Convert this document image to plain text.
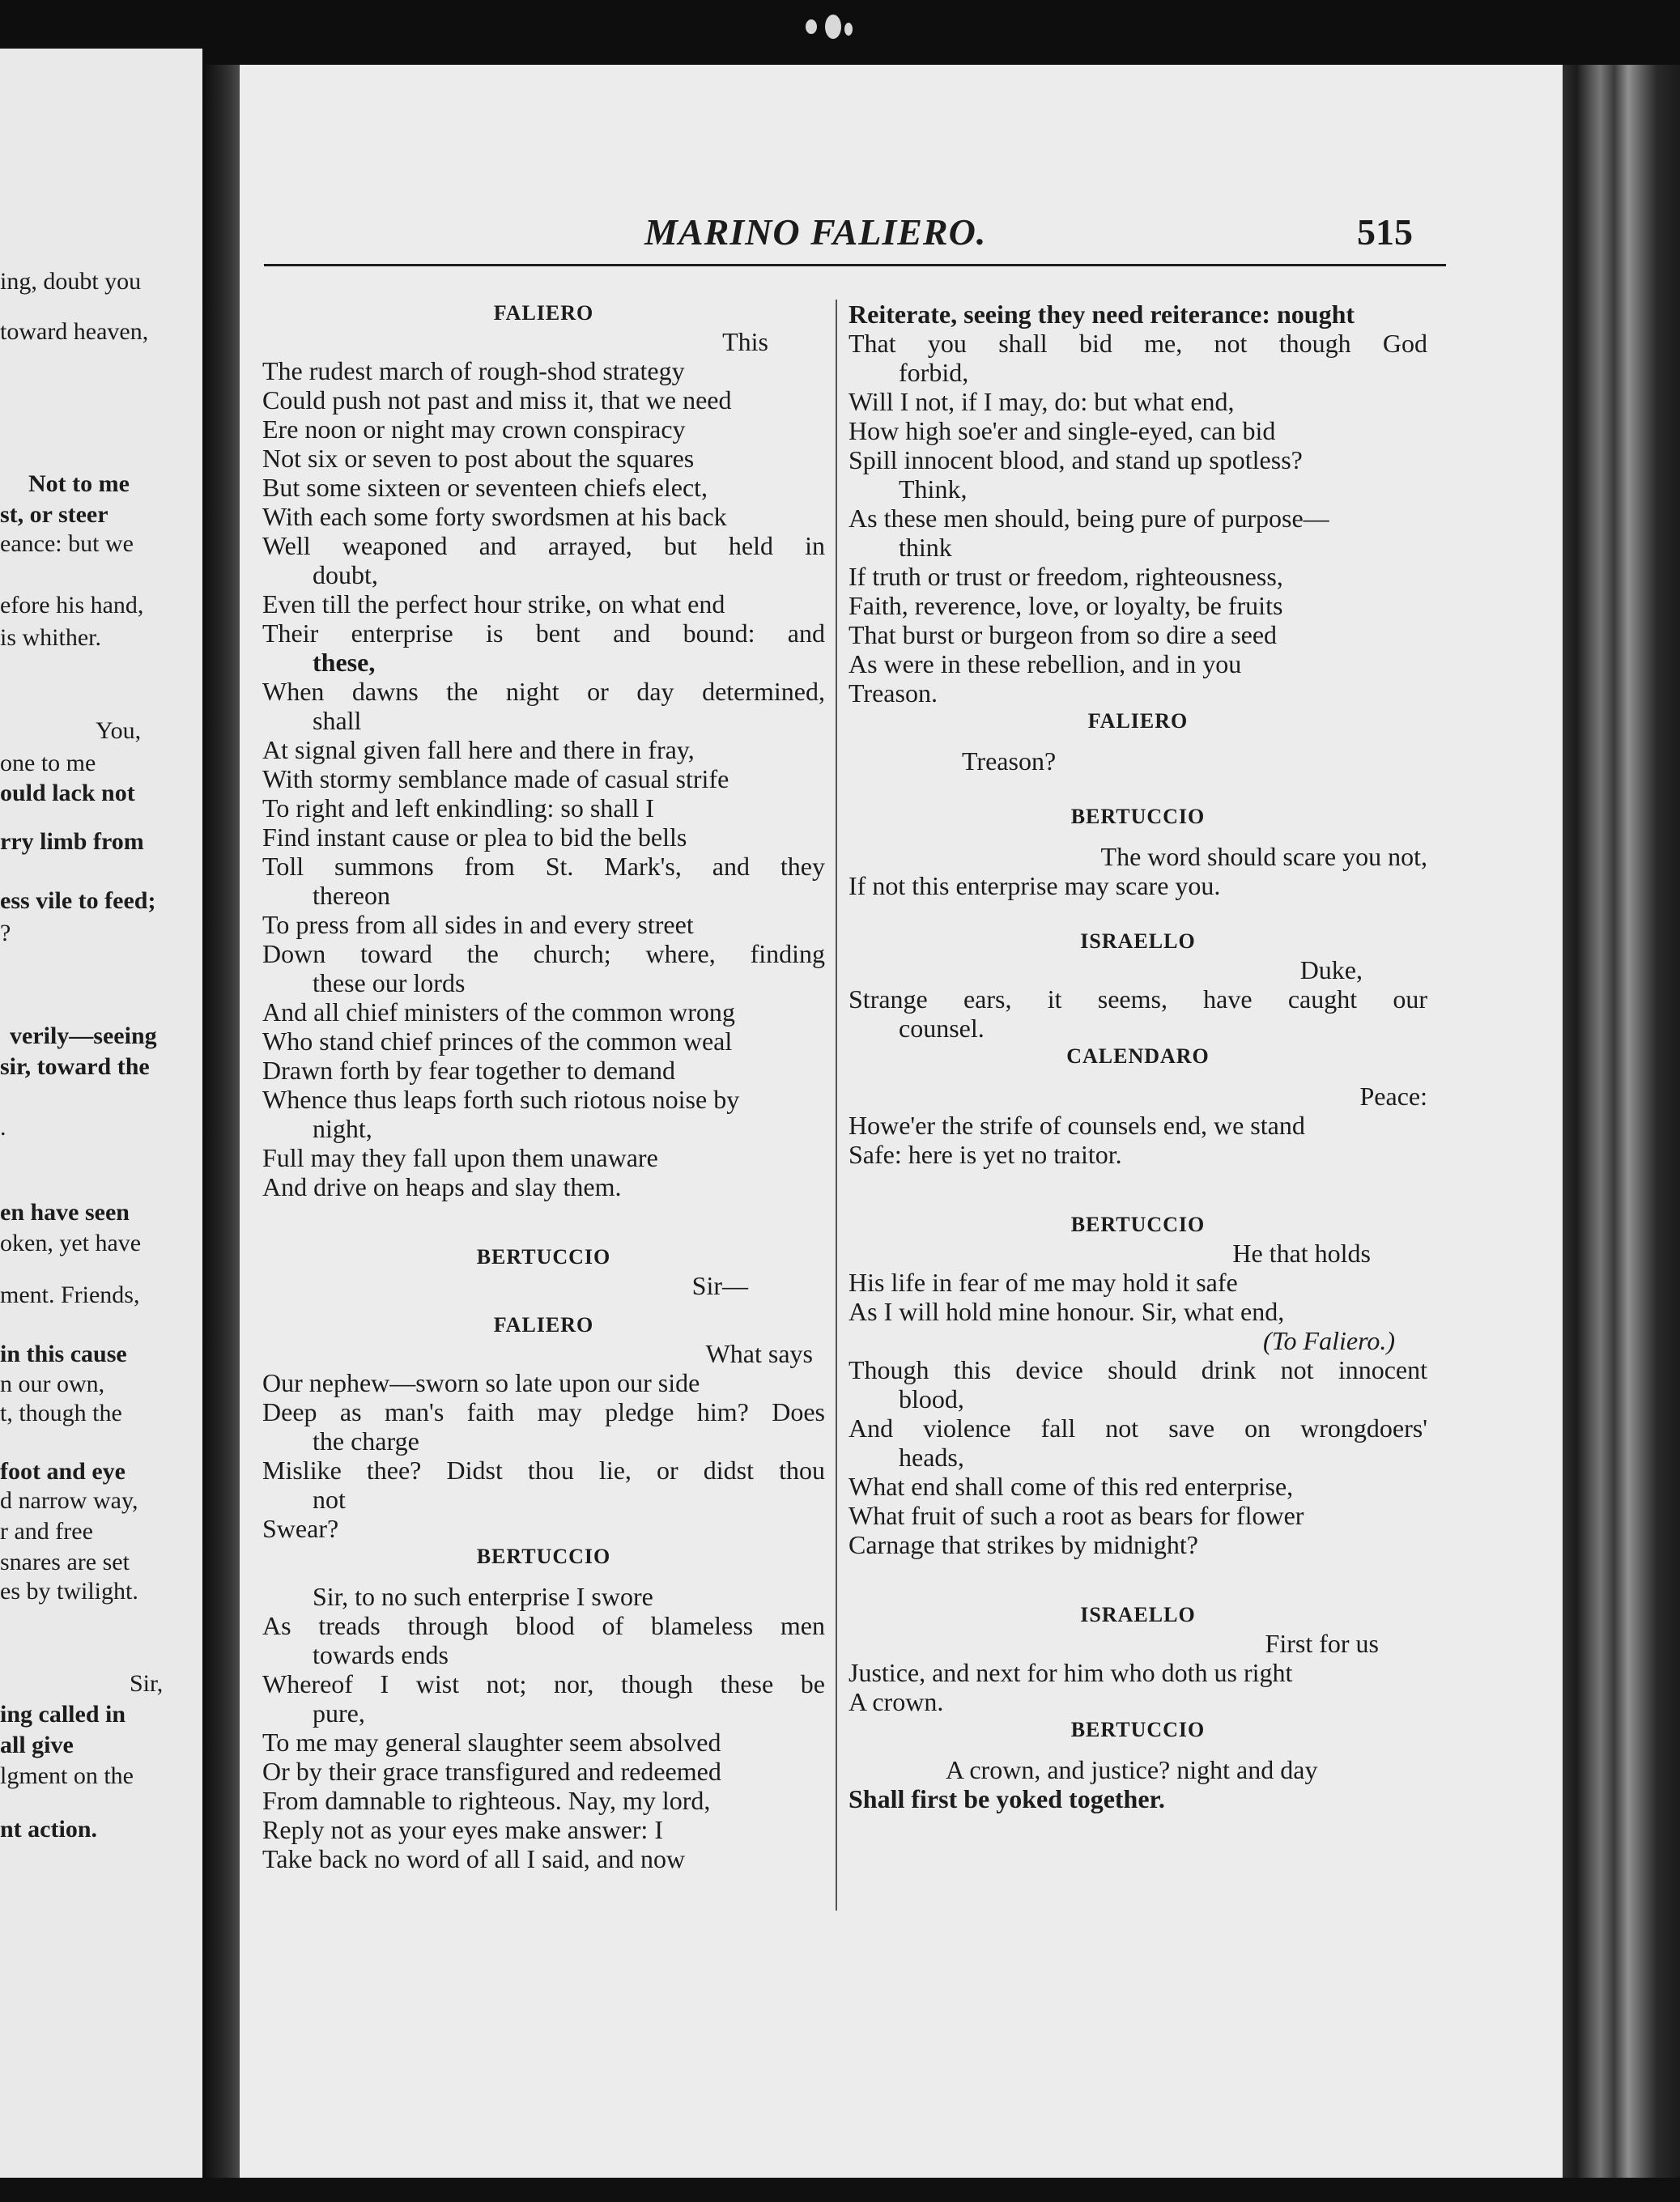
ing, doubt you
toward heaven,
Not to me
st, or steer
eance: but we
efore his hand,
is whither.
You,
one to me
ould lack not
rry limb from
ess vile to feed;
?
verily—seeing
sir, toward the
.
en have seen
oken, yet have
ment. Friends,
in this cause
n our own,
t, though the
foot and eye
d narrow way,
r and free
snares are set
es by twilight.
Sir,
ing called in
all give
lgment on the
nt action.
MARINO FALIERO.	515
FALIERO
This
The rudest march of rough-shod strategy
Could push not past and miss it, that we need
Ere noon or night may crown conspiracy
Not six or seven to post about the squares
But some sixteen or seventeen chiefs elect,
With each some forty swordsmen at his back
Well weaponed and arrayed, but held in
doubt,
Even till the perfect hour strike, on what end
Their enterprise is bent and bound: and
these,
When dawns the night or day determined,
shall
At signal given fall here and there in fray,
With stormy semblance made of casual strife
To right and left enkindling: so shall I
Find instant cause or plea to bid the bells
Toll summons from St. Mark's, and they
thereon
To press from all sides in and every street
Down toward the church; where, finding
these our lords
And all chief ministers of the common wrong
Who stand chief princes of the common weal
Drawn forth by fear together to demand
Whence thus leaps forth such riotous noise by
night,
Full may they fall upon them unaware
And drive on heaps and slay them.
BERTUCCIO
Sir—
FALIERO
What says
Our nephew—sworn so late upon our side
Deep as man's faith may pledge him? Does
the charge
Mislike thee? Didst thou lie, or didst thou
not
Swear?
BERTUCCIO
Sir, to no such enterprise I swore
As treads through blood of blameless men
towards ends
Whereof I wist not; nor, though these be
pure,
To me may general slaughter seem absolved
Or by their grace transfigured and redeemed
From damnable to righteous. Nay, my lord,
Reply not as your eyes make answer: I
Take back no word of all I said, and now
Reiterate, seeing they need reiterance: nought
That you shall bid me, not though God
forbid,
Will I not, if I may, do: but what end,
How high soe'er and single-eyed, can bid
Spill innocent blood, and stand up spotless?
Think,
As these men should, being pure of purpose—
think
If truth or trust or freedom, righteousness,
Faith, reverence, love, or loyalty, be fruits
That burst or burgeon from so dire a seed
As were in these rebellion, and in you
Treason.
FALIERO
Treason?
BERTUCCIO
The word should scare you not,
If not this enterprise may scare you.
ISRAELLO
Duke,
Strange ears, it seems, have caught our
counsel.
CALENDARO
Peace:
Howe'er the strife of counsels end, we stand
Safe: here is yet no traitor.
BERTUCCIO
He that holds
His life in fear of me may hold it safe
As I will hold mine honour. Sir, what end,
(To Faliero.)
Though this device should drink not innocent
blood,
And violence fall not save on wrongdoers'
heads,
What end shall come of this red enterprise,
What fruit of such a root as bears for flower
Carnage that strikes by midnight?
ISRAELLO
First for us
Justice, and next for him who doth us right
A crown.
BERTUCCIO
A crown, and justice? night and day
Shall first be yoked together.
